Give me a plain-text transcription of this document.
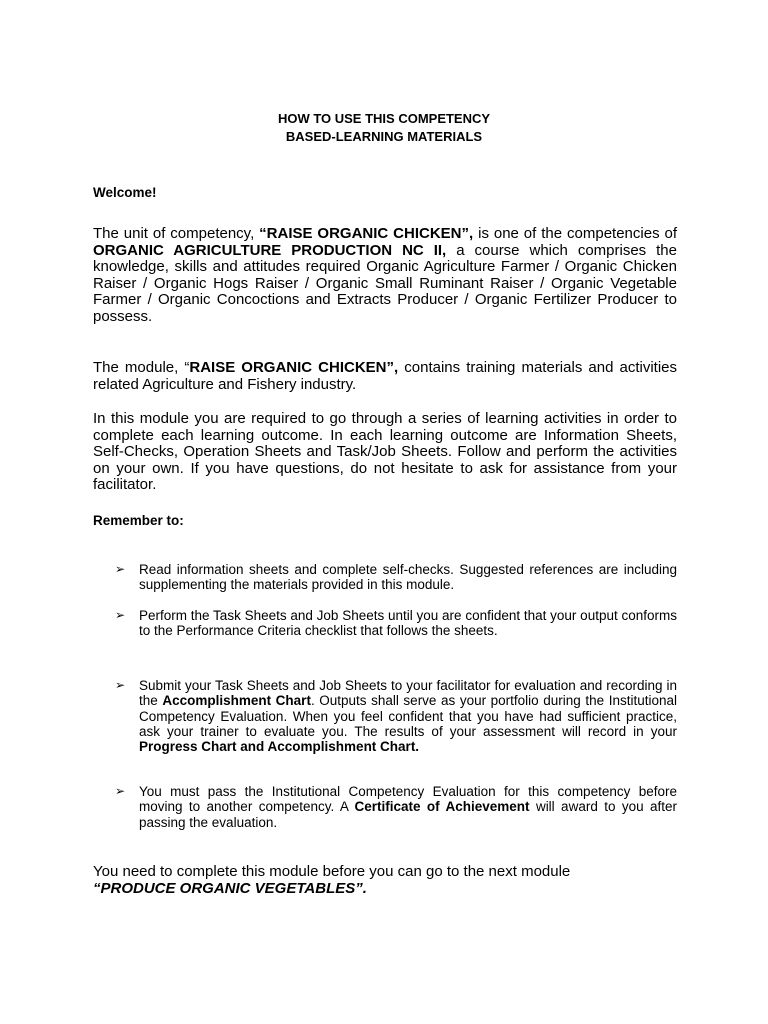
HOW TO USE THIS COMPETENCY
BASED-LEARNING MATERIALS
Welcome!
The unit of competency, “RAISE ORGANIC CHICKEN”, is one of the competencies of ORGANIC AGRICULTURE PRODUCTION NC II, a course which comprises the knowledge, skills and attitudes required Organic Agriculture Farmer / Organic Chicken Raiser / Organic Hogs Raiser / Organic Small Ruminant Raiser / Organic Vegetable Farmer / Organic Concoctions and Extracts Producer / Organic Fertilizer Producer to possess.
The module, “RAISE ORGANIC CHICKEN”, contains training materials and activities related Agriculture and Fishery industry.
In this module you are required to go through a series of learning activities in order to complete each learning outcome. In each learning outcome are Information Sheets, Self-Checks, Operation Sheets and Task/Job Sheets. Follow and perform the activities on your own. If you have questions, do not hesitate to ask for assistance from your facilitator.
Remember to:
➢	Read information sheets and complete self-checks. Suggested references are including supplementing the materials provided in this module.
➢	Perform the Task Sheets and Job Sheets until you are confident that your output conforms to the Performance Criteria checklist that follows the sheets.
➢	Submit your Task Sheets and Job Sheets to your facilitator for evaluation and recording in the Accomplishment Chart. Outputs shall serve as your portfolio during the Institutional Competency Evaluation. When you feel confident that you have had sufficient practice, ask your trainer to evaluate you. The results of your assessment will record in your Progress Chart and Accomplishment Chart.
➢	You must pass the Institutional Competency Evaluation for this competency before moving to another competency. A Certificate of Achievement will award to you after passing the evaluation.
You need to complete this module before you can go to the next module “PRODUCE ORGANIC VEGETABLES”.
